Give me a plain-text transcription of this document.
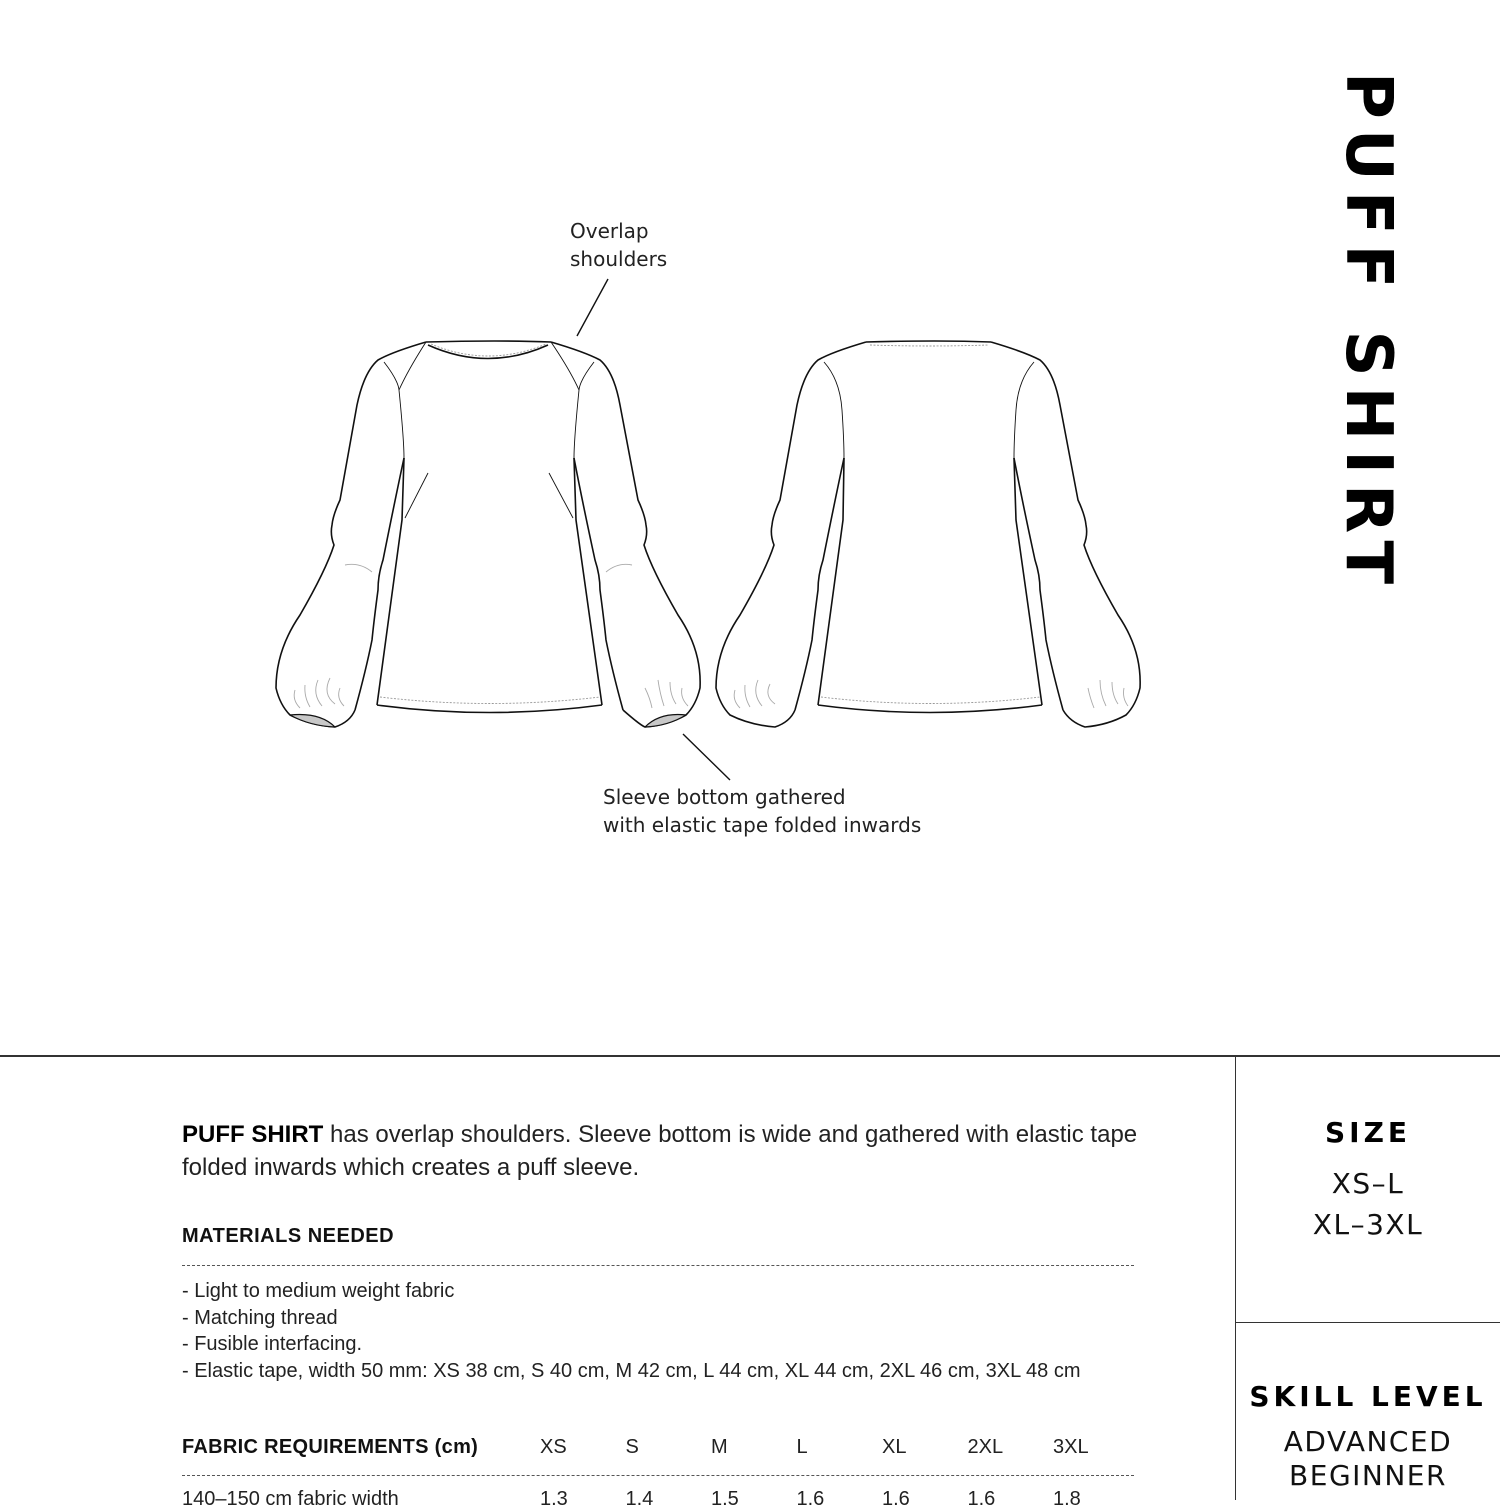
PUFF SHIRT
Overlap
shoulders
Sleeve bottom gathered
with elastic tape folded inwards
PUFF SHIRT has overlap shoulders. Sleeve bottom is wide and gathered with elastic tape folded inwards which creates a puff sleeve.
MATERIALS NEEDED
- Light to medium weight fabric
- Matching thread
- Fusible interfacing.
- Elastic tape, width 50 mm: XS 38 cm, S 40 cm, M 42 cm, L 44 cm, XL 44 cm, 2XL 46 cm, 3XL 48 cm
FABRIC REQUIREMENTS (cm)	XS	S	M	L	XL	2XL	3XL
140–150 cm fabric width	1.3	1.4	1.5	1.6	1.6	1.6	1.8
SIZE
XS–L
XL–3XL
SKILL LEVEL
ADVANCED
BEGINNER
